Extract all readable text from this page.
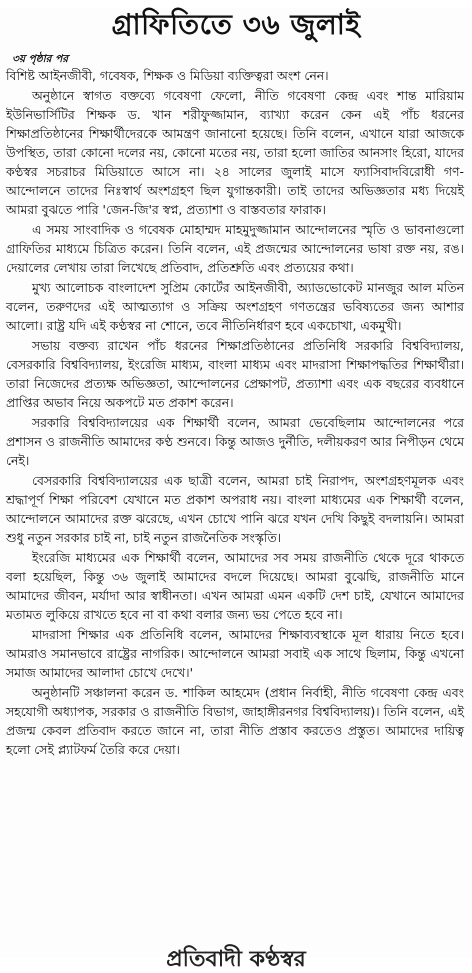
গ্রাফিতিতে ৩৬ জুলাই
৩য় পৃষ্ঠার পর

বিশিষ্ট আইনজীবী, গবেষক, শিক্ষক ও মিডিয়া ব্যক্তিত্বরা অংশ নেন।

অনুষ্ঠানে স্বাগত বক্তব্যে গবেষণা ফেলো, নীতি গবেষণা কেন্দ্র এবং শান্ত মারিয়াম ইউনিভার্সিটির শিক্ষক ড. খান শরীফুজ্জামান, ব্যাখ্যা করেন কেন এই পাঁচ ধরনের শিক্ষাপ্রতিষ্ঠানের শিক্ষার্থীদেরকে আমন্ত্রণ জানানো হয়েছে। তিনি বলেন, এখানে যারা আজকে উপস্থিত, তারা কোনো দলের নয়, কোনো মতের নয়, তারা হলো জাতির আনসাং হিরো, যাদের কণ্ঠস্বর সচরাচর মিডিয়াতে আসে না। ২৪ সালের জুলাই মাসে ফ্যাসিবাদবিরোধী গণ-আন্দোলনে তাদের নিঃস্বার্থ অংশগ্রহণ ছিল যুগান্তকারী। তাই তাদের অভিজ্ঞতার মধ্য দিয়েই আমরা বুঝতে পারি 'জেন-জি'র স্বপ্ন, প্রত্যাশা ও বাস্তবতার ফারাক।

এ সময় সাংবাদিক ও গবেষক মোহাম্মদ মাহমুদুজ্জামান আন্দোলনের স্মৃতি ও ভাবনাগুলো গ্রাফিতির মাধ্যমে চিত্রিত করেন। তিনি বলেন, এই প্রজন্মের আন্দোলনের ভাষা রক্ত নয়, রঙ। দেয়ালের লেখায় তারা লিখেছে প্রতিবাদ, প্রতিশ্রুতি এবং প্রত্যয়ের কথা।

মুখ্য আলোচক বাংলাদেশ সুপ্রিম কোর্টের আইনজীবী, অ্যাডভোকেট মানজুর আল মতিন বলেন, তরুণদের এই আত্মত্যাগ ও সক্রিয় অংশগ্রহণ গণতন্ত্রের ভবিষ্যতের জন্য আশার আলো। রাষ্ট্র যদি এই কণ্ঠস্বর না শোনে, তবে নীতিনির্ধারণ হবে একচোখা, একমুখী।

সভায় বক্তব্য রাখেন পাঁচ ধরনের শিক্ষাপ্রতিষ্ঠানের প্রতিনিধি সরকারি বিশ্ববিদ্যালয়, বেসরকারি বিশ্ববিদ্যালয়, ইংরেজি মাধ্যম, বাংলা মাধ্যম এবং মাদরাসা শিক্ষাপদ্ধতির শিক্ষার্থীরা। তারা নিজেদের প্রত্যক্ষ অভিজ্ঞতা, আন্দোলনের প্রেক্ষাপট, প্রত্যাশা এবং এক বছরের ব্যবধানে প্রাপ্তির অভাব নিয়ে অকপটে মত প্রকাশ করেন।

সরকারি বিশ্ববিদ্যালয়ের এক শিক্ষার্থী বলেন, আমরা ভেবেছিলাম আন্দোলনের পরে প্রশাসন ও রাজনীতি আমাদের কণ্ঠ শুনবে। কিন্তু আজও দুর্নীতি, দলীয়করণ আর নিপীড়ন থেমে নেই।

বেসরকারি বিশ্ববিদ্যালয়ের এক ছাত্রী বলেন, আমরা চাই নিরাপদ, অংশগ্রহণমূলক এবং শ্রদ্ধাপূর্ণ শিক্ষা পরিবেশ যেখানে মত প্রকাশ অপরাধ নয়। বাংলা মাধ্যমের এক শিক্ষার্থী বলেন, আন্দোলনে আমাদের রক্ত ঝরেছে, এখন চোখে পানি ঝরে যখন দেখি কিছুই বদলায়নি। আমরা শুধু নতুন সরকার চাই না, চাই নতুন রাজনৈতিক সংস্কৃতি।

ইংরেজি মাধ্যমের এক শিক্ষার্থী বলেন, আমাদের সব সময় রাজনীতি থেকে দূরে থাকতে বলা হয়েছিল, কিন্তু ৩৬ জুলাই আমাদের বদলে দিয়েছে। আমরা বুঝেছি, রাজনীতি মানে আমাদের জীবন, মর্যাদা আর স্বাধীনতা। এখন আমরা এমন একটি দেশ চাই, যেখানে আমাদের মতামত লুকিয়ে রাখতে হবে না বা কথা বলার জন্য ভয় পেতে হবে না।

মাদরাসা শিক্ষার এক প্রতিনিধি বলেন, আমাদের শিক্ষাব্যবস্থাকে মূল ধারায় নিতে হবে। আমরাও সমানভাবে রাষ্ট্রের নাগরিক। আন্দোলনে আমরা সবাই এক সাথে ছিলাম, কিন্তু এখনো সমাজ আমাদের আলাদা চোখে দেখে।'

অনুষ্ঠানটি সঞ্চালনা করেন ড. শাকিল আহমেদ (প্রধান নির্বাহী, নীতি গবেষণা কেন্দ্র এবং সহযোগী অধ্যাপক, সরকার ও রাজনীতি বিভাগ, জাহাঙ্গীরনগর বিশ্ববিদ্যালয়)। তিনি বলেন, এই প্রজন্ম কেবল প্রতিবাদ করতে জানে না, তারা নীতি প্রস্তাব করতেও প্রস্তুত। আমাদের দায়িত্ব হলো সেই প্ল্যাটফর্ম তৈরি করে দেয়া।

প্রতিবাদী কণ্ঠস্বর
